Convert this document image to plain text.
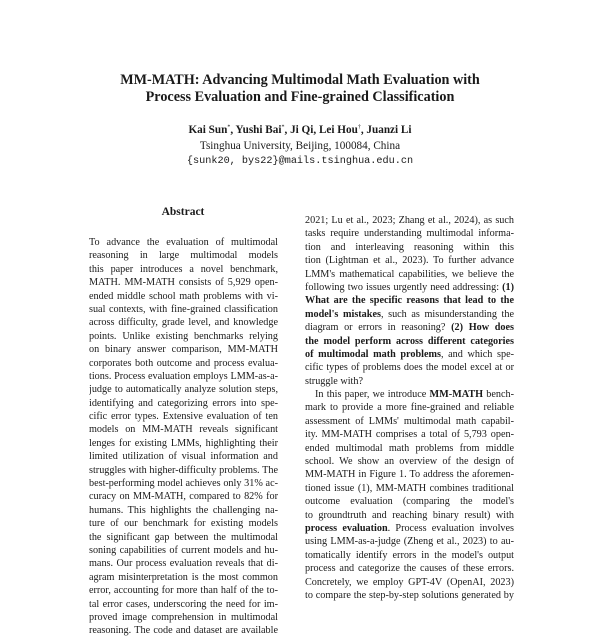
MM-MATH: Advancing Multimodal Math Evaluation with
Process Evaluation and Fine-grained Classification
Kai Sun*, Yushi Bai*, Ji Qi, Lei Hou†, Juanzi Li
Tsinghua University, Beijing, 100084, China
{sunk20, bys22}@mails.tsinghua.edu.cn
Abstract
To advance the evaluation of multimodal
reasoning in large multimodal models
this paper introduces a novel benchmark,
MATH. MM-MATH consists of 5,929 open-
ended middle school math problems with vi-
sual contexts, with fine-grained classification
across difficulty, grade level, and knowledge
points. Unlike existing benchmarks relying
on binary answer comparison, MM-MATH
corporates both outcome and process evalua-
tions. Process evaluation employs LMM-as-a-
judge to automatically analyze solution steps,
identifying and categorizing errors into spe-
cific error types. Extensive evaluation of ten
models on MM-MATH reveals significant
lenges for existing LMMs, highlighting their
limited utilization of visual information and
struggles with higher-difficulty problems. The
best-performing model achieves only 31% ac-
curacy on MM-MATH, compared to 82% for
humans. This highlights the challenging na-
ture of our benchmark for existing models
the significant gap between the multimodal
soning capabilities of current models and hu-
mans. Our process evaluation reveals that di-
agram misinterpretation is the most common
error, accounting for more than half of the to-
tal error cases, underscoring the need for im-
proved image comprehension in multimodal
reasoning. The code and dataset are available
2021; Lu et al., 2023; Zhang et al., 2024), as such
tasks require understanding multimodal informa-
tion and interleaving reasoning within this
tion (Lightman et al., 2023). To further advance
LMM's mathematical capabilities, we believe the
following two issues urgently need addressing: (1)
What are the specific reasons that lead to the
model's mistakes, such as misunderstanding the
diagram or errors in reasoning? (2) How does
the model perform across different categories
of multimodal math problems, and which spe-
cific types of problems does the model excel at or
struggle with?
In this paper, we introduce MM-MATH bench-
mark to provide a more fine-grained and reliable
assessment of LMMs' multimodal math capabil-
ity. MM-MATH comprises a total of 5,793 open-
ended multimodal math problems from middle
school. We show an overview of the design of
MM-MATH in Figure 1. To address the aforemen-
tioned issue (1), MM-MATH combines traditional
outcome evaluation (comparing the model's
to groundtruth and reaching binary result) with
process evaluation. Process evaluation involves
using LMM-as-a-judge (Zheng et al., 2023) to au-
tomatically identify errors in the model's output
process and categorize the causes of these errors.
Concretely, we employ GPT-4V (OpenAI, 2023)
to compare the step-by-step solutions generated by
